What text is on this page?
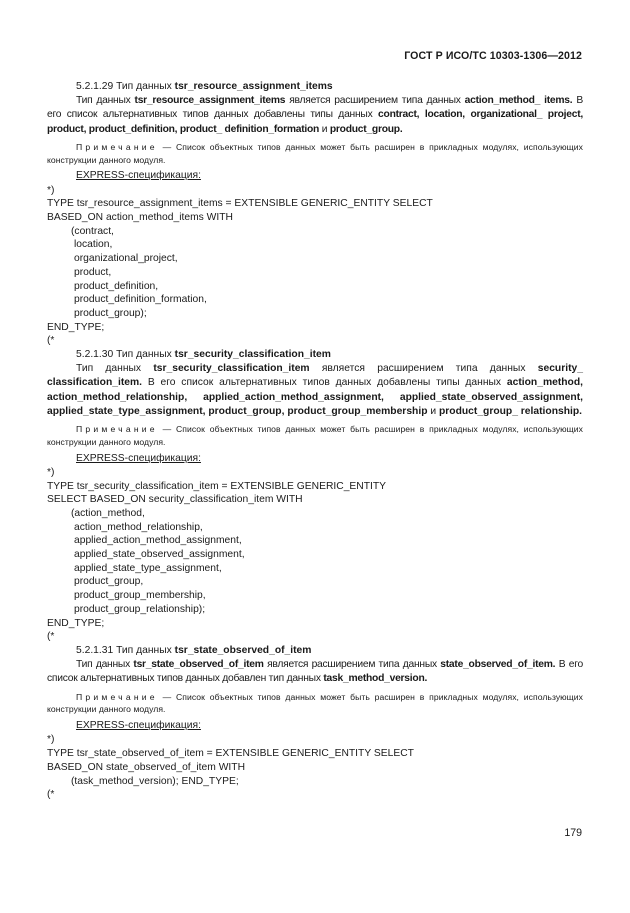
ГОСТ Р ИСО/ТС 10303-1306—2012

5.2.1.29 Тип данных tsr_resource_assignment_items

Тип данных tsr_resource_assignment_items является расширением типа данных action_method_ items. В его список альтернативных типов данных добавлены типы данных contract, location, organizational_ project, product, product_definition, product_ definition_formation и product_group.

Примечание — Список объектных типов данных может быть расширен в прикладных модулях, использующих конструкции данного модуля.

EXPRESS-спецификация:

*)

TYPE tsr_resource_assignment_items = EXTENSIBLE GENERIC_ENTITY SELECT

BASED_ON action_method_items WITH

(contract,

location,

organizational_project,

product,

product_definition,

product_definition_formation,

product_group);

END_TYPE;

(*

5.2.1.30 Тип данных tsr_security_classification_item

Тип данных tsr_security_classification_item является расширением типа данных security_ classification_item. В его список альтернативных типов данных добавлены типы данных action_method, action_method_relationship, applied_action_method_assignment, applied_state_observed_assignment, applied_state_type_assignment, product_group, product_group_membership и product_group_ relationship.

Примечание — Список объектных типов данных может быть расширен в прикладных модулях, использующих конструкции данного модуля.

EXPRESS-спецификация:

*)

TYPE tsr_security_classification_item = EXTENSIBLE GENERIC_ENTITY

SELECT BASED_ON security_classification_item WITH

(action_method,

action_method_relationship,

applied_action_method_assignment,

applied_state_observed_assignment,

applied_state_type_assignment,

product_group,

product_group_membership,

product_group_relationship);

END_TYPE;

(*

5.2.1.31 Тип данных tsr_state_observed_of_item

Тип данных tsr_state_observed_of_item является расширением типа данных state_observed_of_item. В его список альтернативных типов данных добавлен тип данных task_method_version.

Примечание — Список объектных типов данных может быть расширен в прикладных модулях, использующих конструкции данного модуля.

EXPRESS-спецификация:

*)

TYPE tsr_state_observed_of_item = EXTENSIBLE GENERIC_ENTITY SELECT

BASED_ON state_observed_of_item WITH

(task_method_version); END_TYPE;

(*

179
